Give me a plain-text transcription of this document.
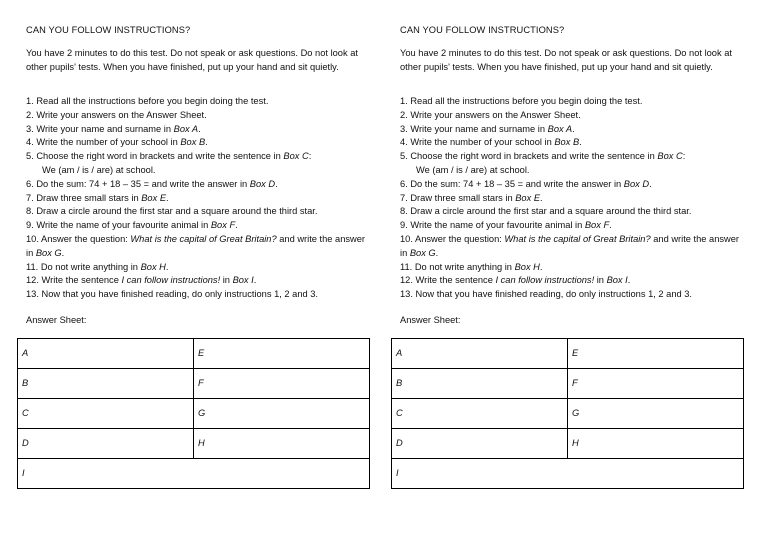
CAN YOU FOLLOW INSTRUCTIONS?
You have 2 minutes to do this test. Do not speak or ask questions. Do not look at other pupils' tests. When you have finished, put up your hand and sit quietly.
1. Read all the instructions before you begin doing the test.
2. Write your answers on the Answer Sheet.
3. Write your name and surname in Box A.
4. Write the number of your school in Box B.
5. Choose the right word in brackets and write the sentence in Box C:
We (am / is / are) at school.
6. Do the sum: 74 + 18 – 35 = and write the answer in Box D.
7. Draw three small stars in Box E.
8. Draw a circle around the first star and a square around the third star.
9. Write the name of your favourite animal in Box F.
10. Answer the question: What is the capital of Great Britain? and write the answer in Box G.
11. Do not write anything in Box H.
12. Write the sentence I can follow instructions! in Box I.
13. Now that you have finished reading, do only instructions 1, 2 and 3.
Answer Sheet:
A	E
B	F
C	G
D	H
I
CAN YOU FOLLOW INSTRUCTIONS?
You have 2 minutes to do this test. Do not speak or ask questions. Do not look at other pupils' tests. When you have finished, put up your hand and sit quietly.
1. Read all the instructions before you begin doing the test.
2. Write your answers on the Answer Sheet.
3. Write your name and surname in Box A.
4. Write the number of your school in Box B.
5. Choose the right word in brackets and write the sentence in Box C:
We (am / is / are) at school.
6. Do the sum: 74 + 18 – 35 = and write the answer in Box D.
7. Draw three small stars in Box E.
8. Draw a circle around the first star and a square around the third star.
9. Write the name of your favourite animal in Box F.
10. Answer the question: What is the capital of Great Britain? and write the answer in Box G.
11. Do not write anything in Box H.
12. Write the sentence I can follow instructions! in Box I.
13. Now that you have finished reading, do only instructions 1, 2 and 3.
Answer Sheet:
A	E
B	F
C	G
D	H
I
